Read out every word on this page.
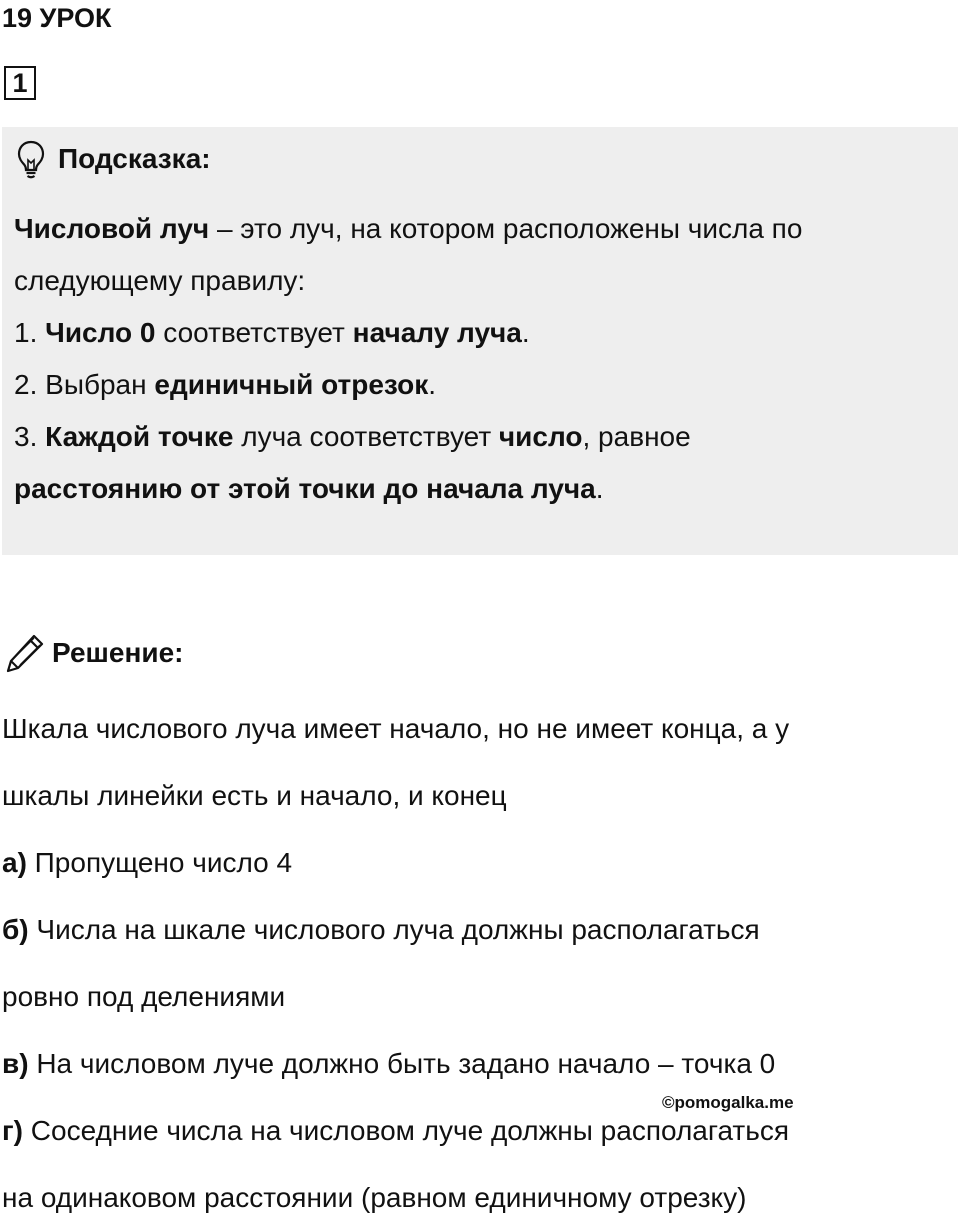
19 УРОК
1
Подсказка:

Числовой луч – это луч, на котором расположены числа по

следующему правилу:

1. Число 0 соответствует началу луча.

2. Выбран единичный отрезок.

3. Каждой точке луча соответствует число, равное

расстоянию от этой точки до начала луча.

Решение:

Шкала числового луча имеет начало, но не имеет конца, а у

шкалы линейки есть и начало, и конец

а) Пропущено число 4

б) Числа на шкале числового луча должны располагаться

ровно под делениями

в) На числовом луче должно быть задано начало – точка 0

г) Соседние числа на числовом луче должны располагаться

на одинаковом расстоянии (равном единичному отрезку)

©pomogalka.me
